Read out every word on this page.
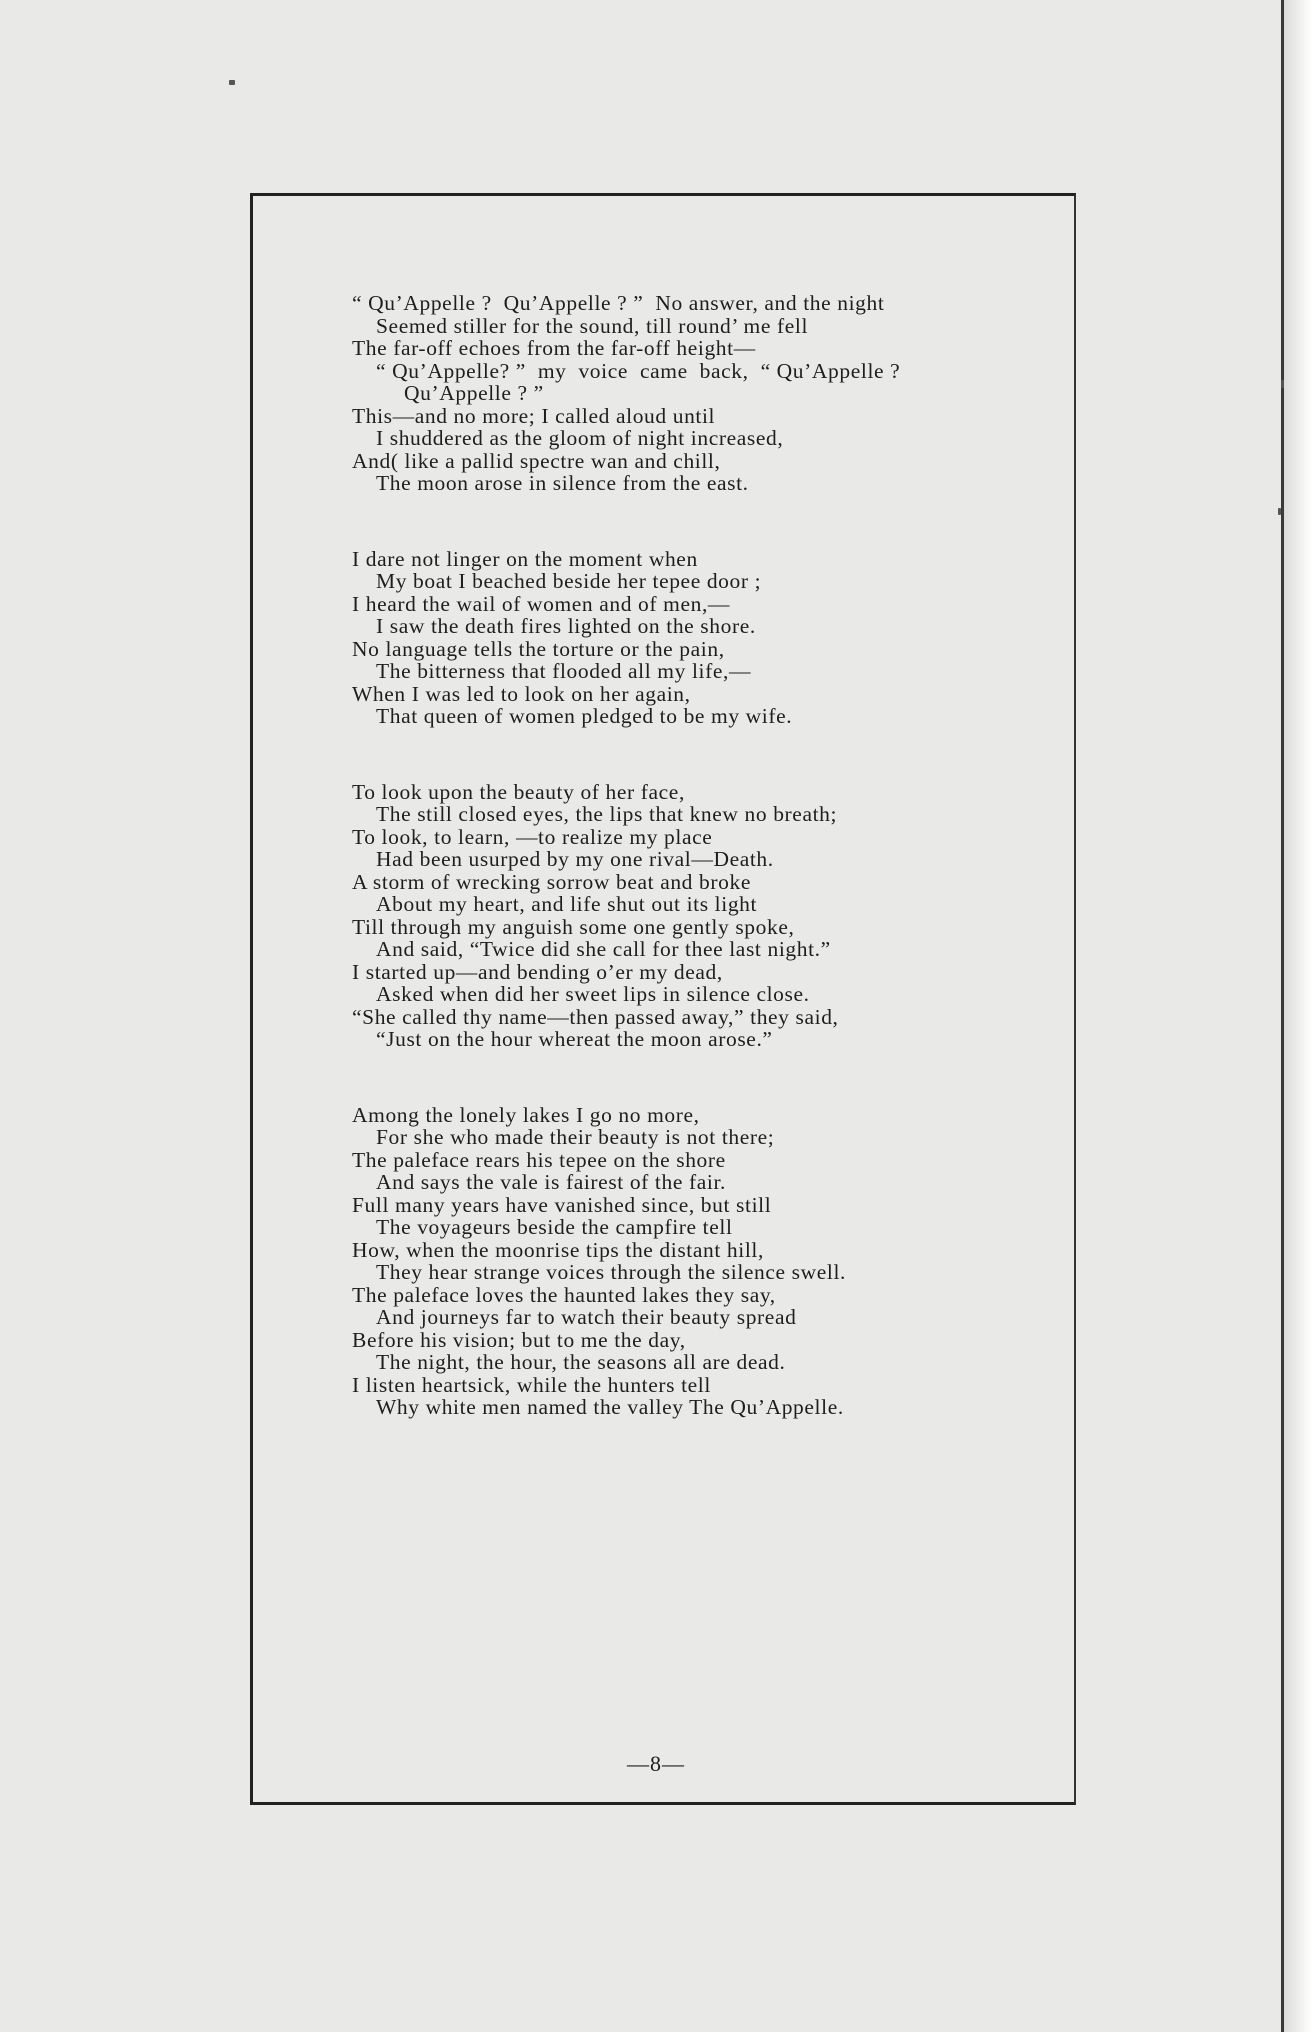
“ Qu’Appelle ?  Qu’Appelle ? ”  No answer, and the night
Seemed stiller for the sound, till round’ me fell
The far-off echoes from the far-off height—
“ Qu’Appelle? ”  my  voice  came  back,  “ Qu’Appelle ?
Qu’Appelle ? ”
This—and no more; I called aloud until
I shuddered as the gloom of night increased,
And( like a pallid spectre wan and chill,
The moon arose in silence from the east.
I dare not linger on the moment when
My boat I beached beside her tepee door ;
I heard the wail of women and of men,—
I saw the death fires lighted on the shore.
No language tells the torture or the pain,
The bitterness that flooded all my life,—
When I was led to look on her again,
That queen of women pledged to be my wife.
To look upon the beauty of her face,
The still closed eyes, the lips that knew no breath;
To look, to learn, —to realize my place
Had been usurped by my one rival—Death.
A storm of wrecking sorrow beat and broke
About my heart, and life shut out its light
Till through my anguish some one gently spoke,
And said, “Twice did she call for thee last night.”
I started up—and bending o’er my dead,
Asked when did her sweet lips in silence close.
“She called thy name—then passed away,” they said,
“Just on the hour whereat the moon arose.”
Among the lonely lakes I go no more,
For she who made their beauty is not there;
The paleface rears his tepee on the shore
And says the vale is fairest of the fair.
Full many years have vanished since, but still
The voyageurs beside the campfire tell
How, when the moonrise tips the distant hill,
They hear strange voices through the silence swell.
The paleface loves the haunted lakes they say,
And journeys far to watch their beauty spread
Before his vision; but to me the day,
The night, the hour, the seasons all are dead.
I listen heartsick, while the hunters tell
Why white men named the valley The Qu’Appelle.
—8—
